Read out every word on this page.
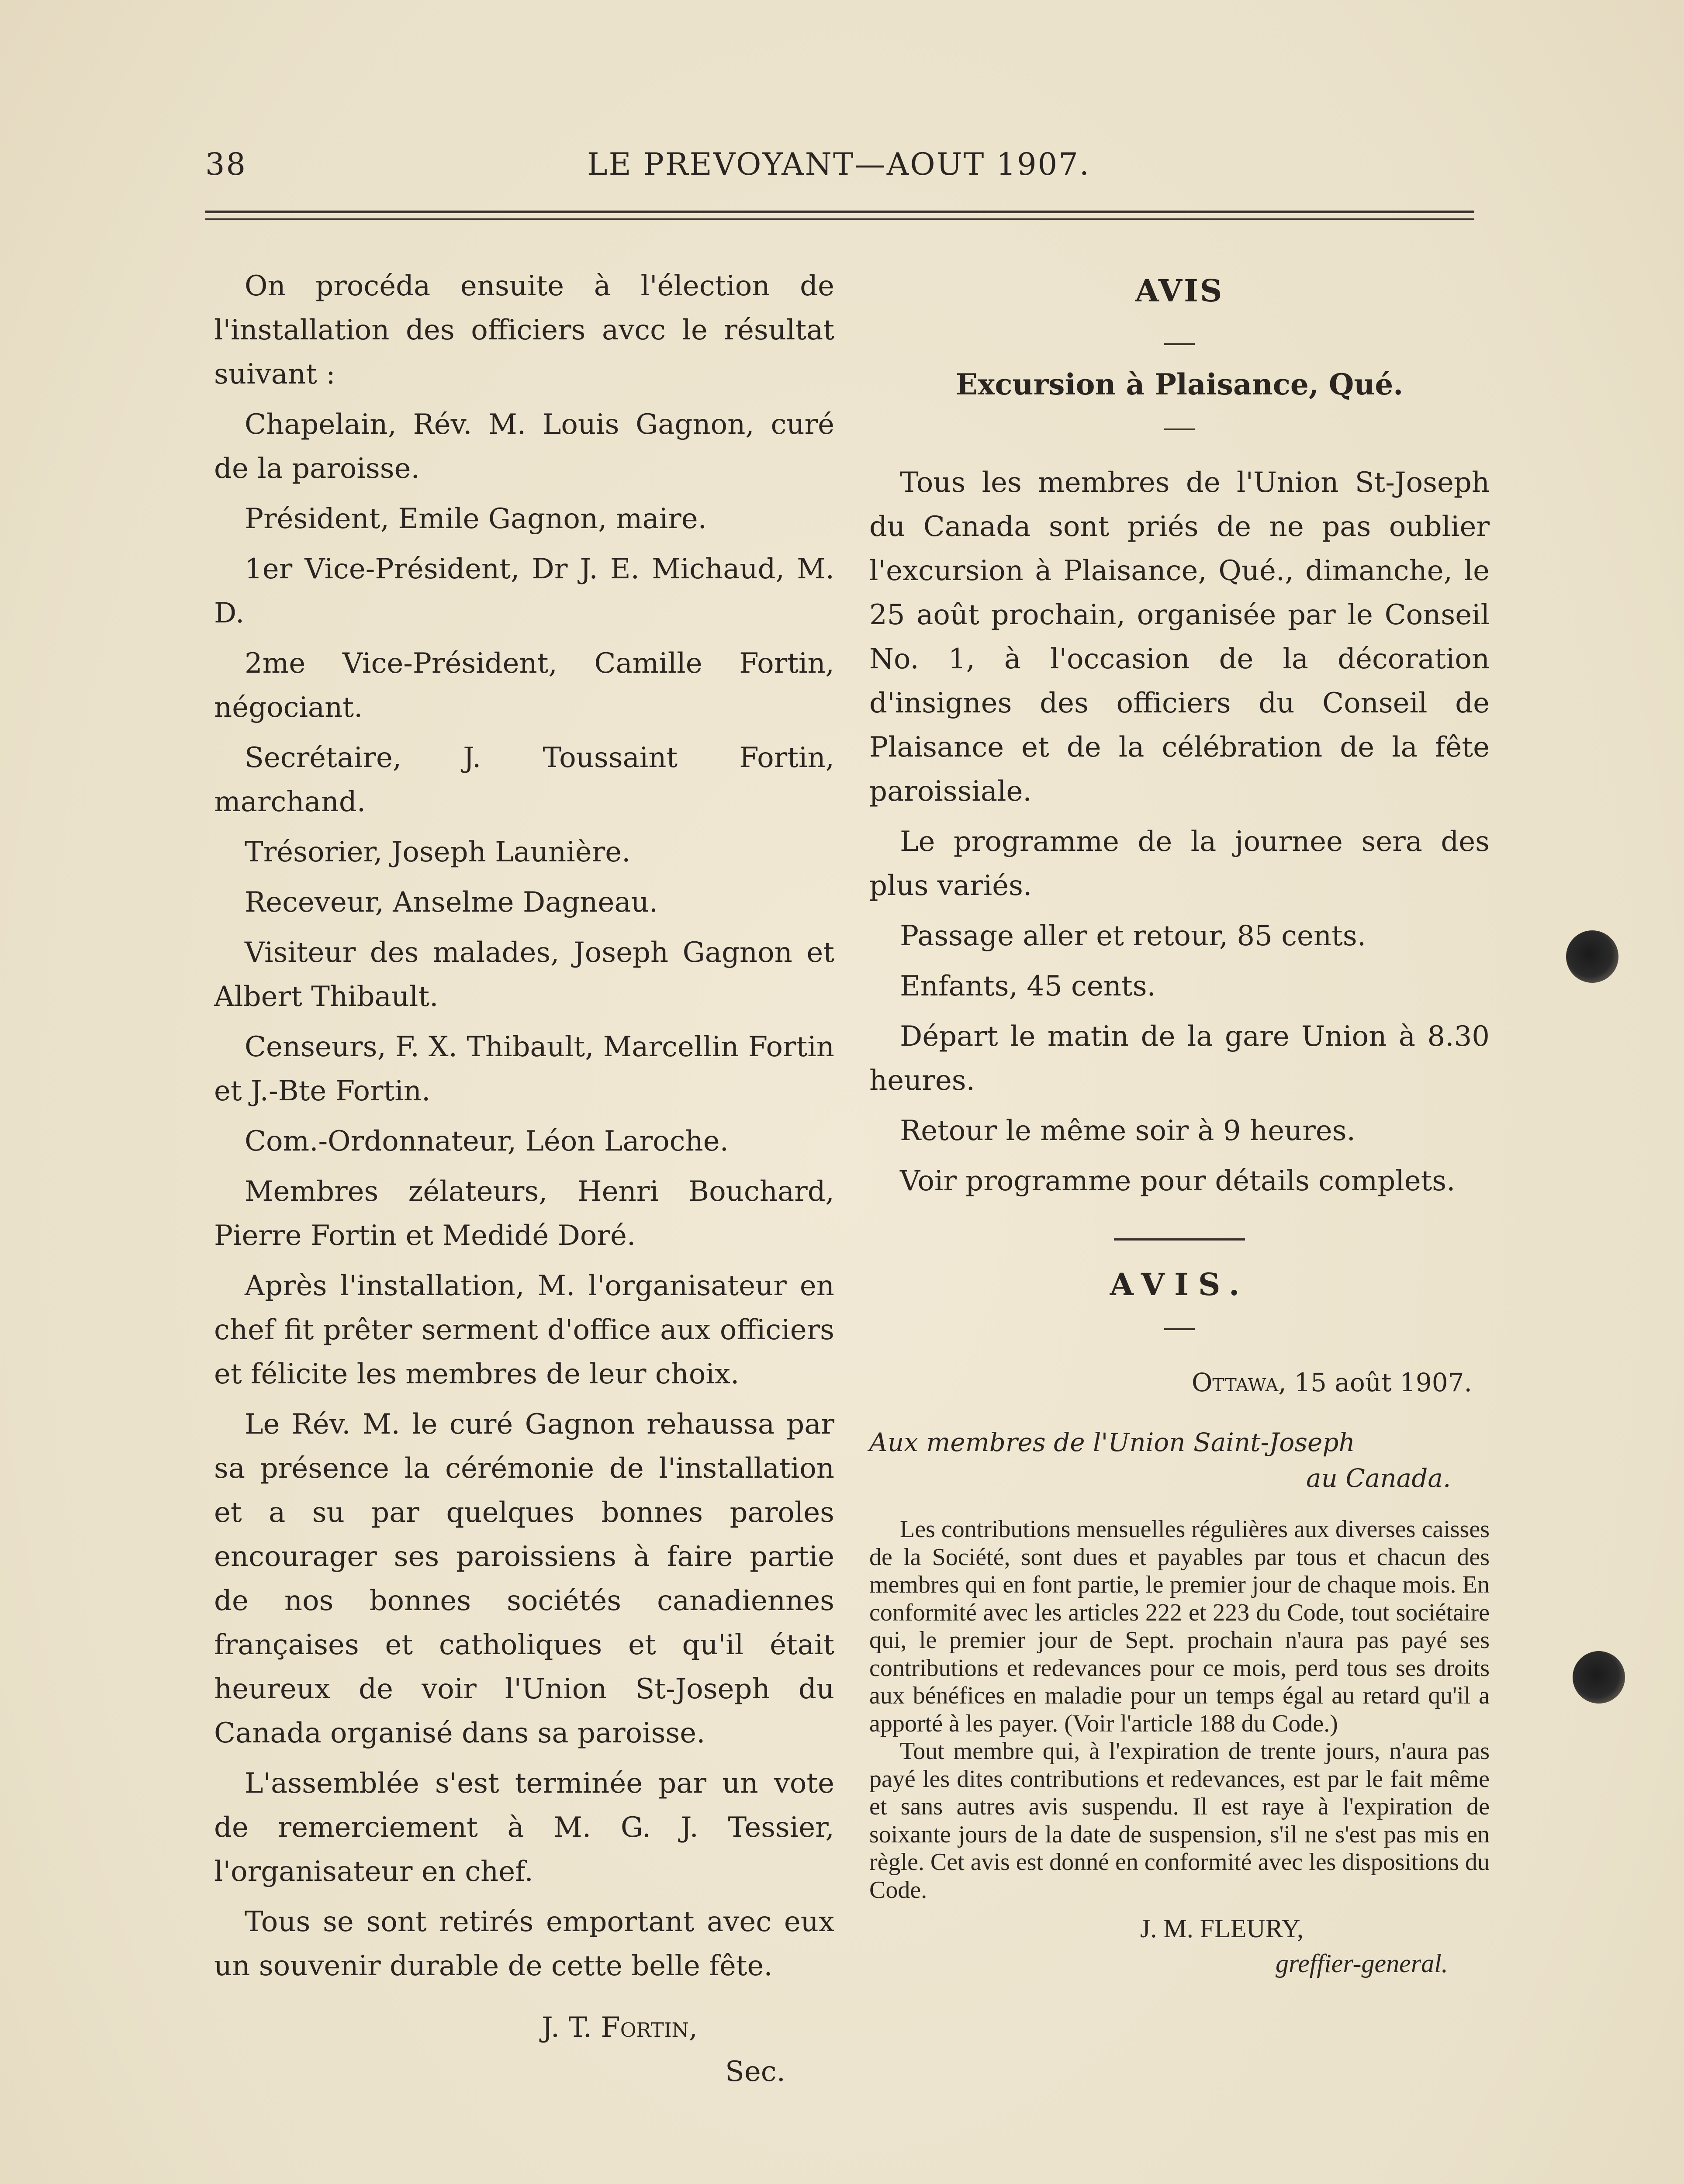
38	LE PREVOYANT—AOUT 1907.

On procéda ensuite à l'élection de l'installation des officiers avcc le résultat suivant :

Chapelain, Rév. M. Louis Gagnon, curé de la paroisse.

Président, Emile Gagnon, maire.

1er Vice-Président, Dr J. E. Michaud, M. D.

2me Vice-Président, Camille Fortin, négociant.

Secrétaire, J. Toussaint Fortin, marchand.

Trésorier, Joseph Launière.

Receveur, Anselme Dagneau.

Visiteur des malades, Joseph Gagnon et Albert Thibault.

Censeurs, F. X. Thibault, Marcellin Fortin et J.-Bte Fortin.

Com.-Ordonnateur, Léon Laroche.

Membres zélateurs, Henri Bouchard, Pierre Fortin et Medidé Doré.

Après l'installation, M. l'organisateur en chef fit prêter serment d'office aux officiers et félicite les membres de leur choix.

Le Rév. M. le curé Gagnon rehaussa par sa présence la cérémonie de l'installation et a su par quelques bonnes paroles encourager ses paroissiens à faire partie de nos bonnes sociétés canadiennes françaises et catholiques et qu'il était heureux de voir l'Union St-Joseph du Canada organisé dans sa paroisse.

L'assemblée s'est terminée par un vote de remerciement à M. G. J. Tessier, l'organisateur en chef.

Tous se sont retirés emportant avec eux un souvenir durable de cette belle fête.

J. T. Fortin,
Sec.
AVIS
Excursion à Plaisance, Qué.

Tous les membres de l'Union St-Joseph du Canada sont priés de ne pas oublier l'excursion à Plaisance, Qué., dimanche, le 25 août prochain, organisée par le Conseil No. 1, à l'occasion de la décoration d'insignes des officiers du Conseil de Plaisance et de la célébration de la fête paroissiale.

Le programme de la journee sera des plus variés.

Passage aller et retour, 85 cents.

Enfants, 45 cents.

Départ le matin de la gare Union à 8.30 heures.

Retour le même soir à 9 heures.

Voir programme pour détails complets.

AVIS.
Ottawa, 15 août 1907.
Aux membres de l'Union Saint-Joseph
au Canada.

Les contributions mensuelles régulières aux diverses caisses de la Société, sont dues et payables par tous et chacun des membres qui en font partie, le premier jour de chaque mois. En conformité avec les articles 222 et 223 du Code, tout sociétaire qui, le premier jour de Sept. prochain n'aura pas payé ses contributions et redevances pour ce mois, perd tous ses droits aux bénéfices en maladie pour un temps égal au retard qu'il a apporté à les payer. (Voir l'article 188 du Code.)

Tout membre qui, à l'expiration de trente jours, n'aura pas payé les dites contributions et redevances, est par le fait même et sans autres avis suspendu. Il est raye à l'expiration de soixante jours de la date de suspension, s'il ne s'est pas mis en règle. Cet avis est donné en conformité avec les dispositions du Code.

J. M. FLEURY,
greffier-general.
